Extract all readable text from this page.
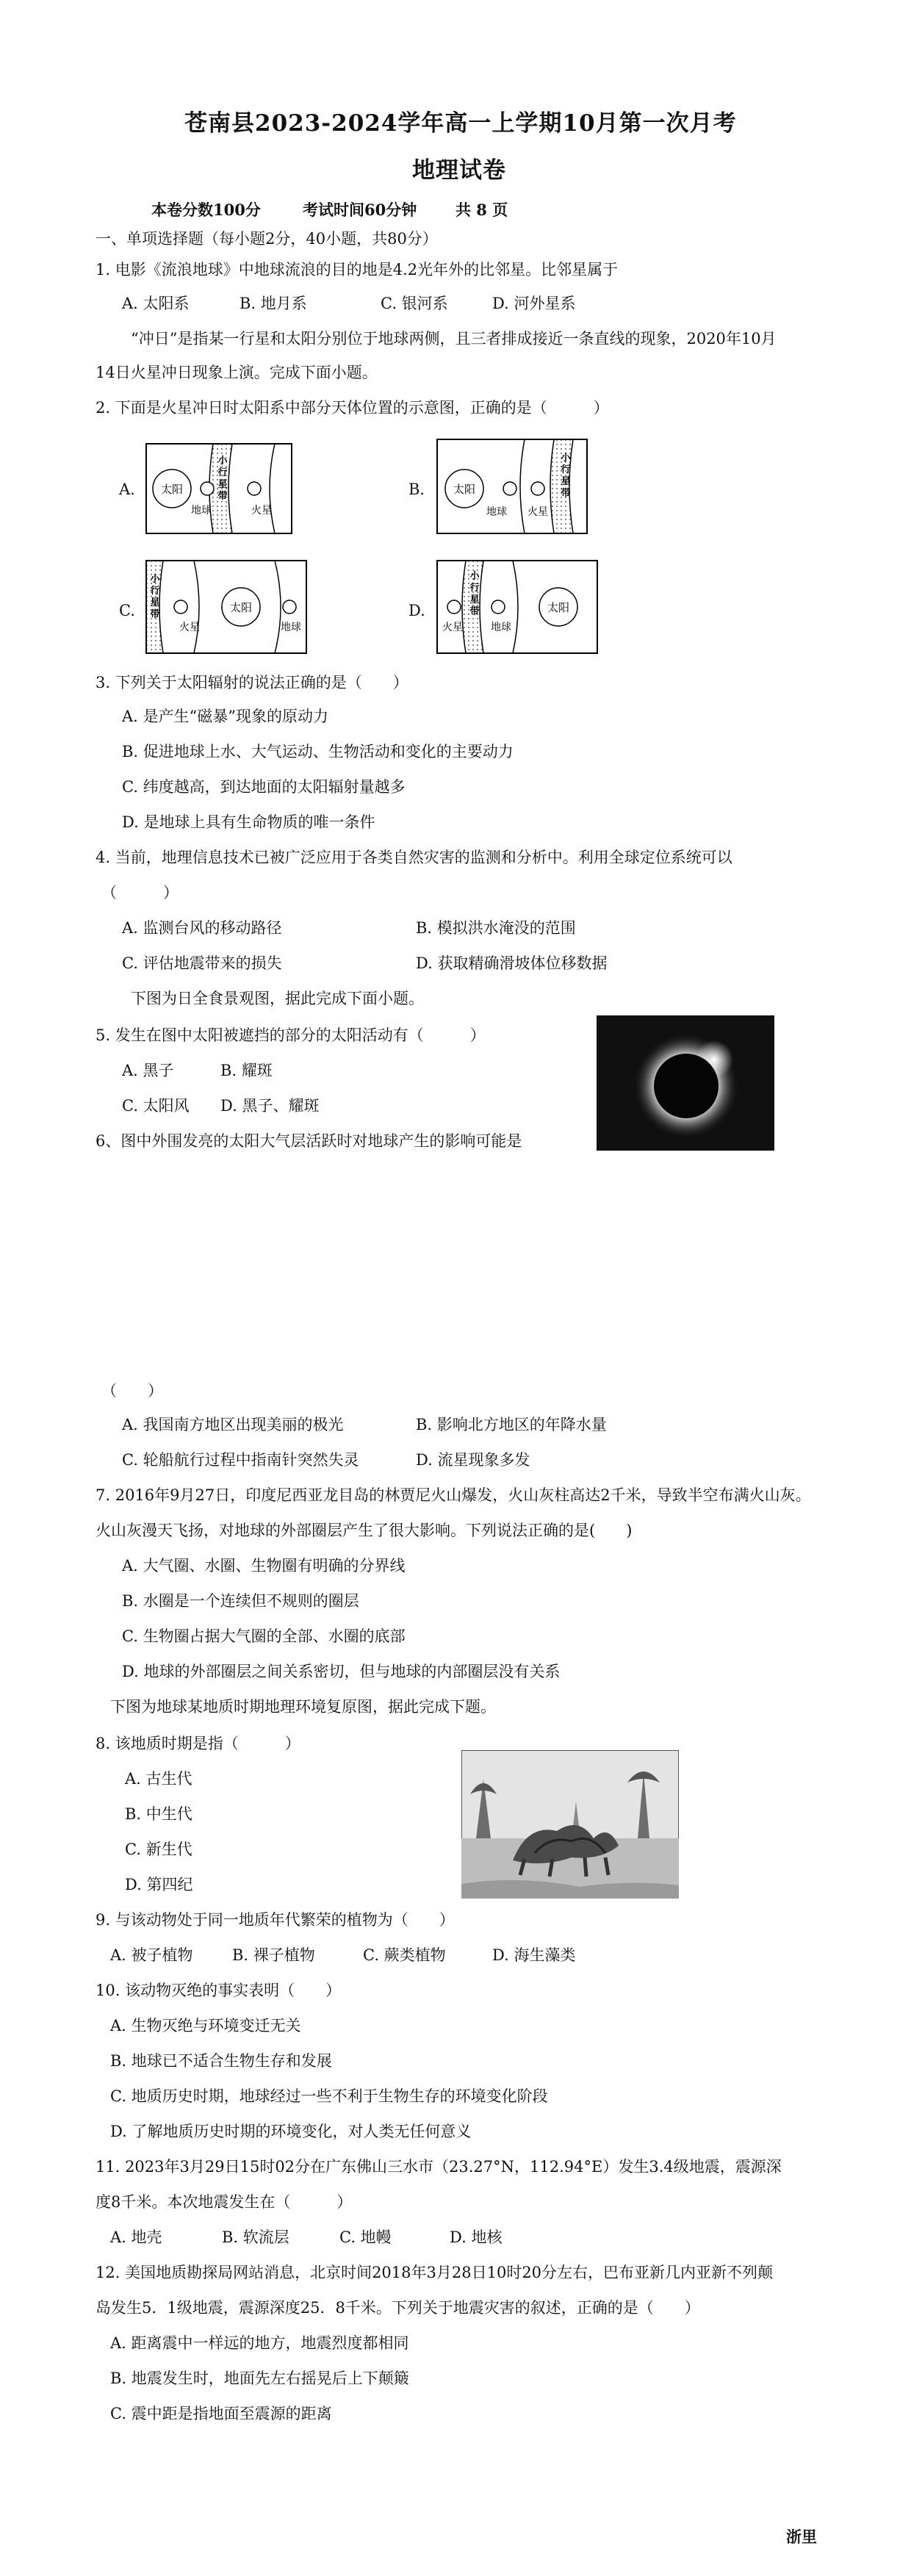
苍南县2023-2024学年高一上学期10月第一次月考
地理试卷
本卷分数100分	考试时间60分钟	共 8 页
一、单项选择题（每小题2分，40小题，共80分）
1. 电影《流浪地球》中地球流浪的目的地是4.2光年外的比邻星。比邻星属于
A. 太阳系	B. 地月系	C. 银河系	D. 河外星系
“冲日”是指某一行星和太阳分别位于地球两侧，且三者排成接近一条直线的现象，2020年10月
14日火星冲日现象上演。完成下面小题。
2. 下面是火星冲日时太阳系中部分天体位置的示意图，正确的是（　　　）
A. 太阳
地球	火星
小
行
星
带	B.	太阳
地球 火星
小
行
星
带
C.
小
行
星
带
火星
太阳
地球
D.
小
行
星
带
火星	地球
太阳
3. 下列关于太阳辐射的说法正确的是（　　）
A. 是产生“磁暴”现象的原动力
B. 促进地球上水、大气运动、生物活动和变化的主要动力
C. 纬度越高，到达地面的太阳辐射量越多
D. 是地球上具有生命物质的唯一条件
4. 当前，地理信息技术已被广泛应用于各类自然灾害的监测和分析中。利用全球定位系统可以
（　　　）
A. 监测台风的移动路径	B. 模拟洪水淹没的范围
C. 评估地震带来的损失	D. 获取精确滑坡体位移数据
下图为日全食景观图，据此完成下面小题。
5. 发生在图中太阳被遮挡的部分的太阳活动有（　　　）
A. 黑子	B. 耀斑
C. 太阳风 D. 黑子、耀斑
6、图中外围发亮的太阳大气层活跃时对地球产生的影响可能是
（　　）
A. 我国南方地区出现美丽的极光	B. 影响北方地区的年降水量
C. 轮船航行过程中指南针突然失灵	D. 流星现象多发
7. 2016年9月27日，印度尼西亚龙目岛的林贾尼火山爆发，火山灰柱高达2千米，导致半空布满火山灰。
火山灰漫天飞扬，对地球的外部圈层产生了很大影响。下列说法正确的是(　　)
A. 大气圈、水圈、生物圈有明确的分界线
B. 水圈是一个连续但不规则的圈层
C. 生物圈占据大气圈的全部、水圈的底部
D. 地球的外部圈层之间关系密切，但与地球的内部圈层没有关系
下图为地球某地质时期地理环境复原图，据此完成下题。
8. 该地质时期是指（　　　）
A. 古生代
B. 中生代
C. 新生代
D. 第四纪
9. 与该动物处于同一地质年代繁荣的植物为（　　）
A. 被子植物	B. 裸子植物	C. 蕨类植物	D. 海生藻类
10. 该动物灭绝的事实表明（　　）
A. 生物灭绝与环境变迁无关
B. 地球已不适合生物生存和发展
C. 地质历史时期，地球经过一些不利于生物生存的环境变化阶段
D. 了解地质历史时期的环境变化，对人类无任何意义
11. 2023年3月29日15时02分在广东佛山三水市（23.27°N，112.94°E）发生3.4级地震，震源深
度8千米。本次地震发生在（　　　）
A. 地壳	B. 软流层	C. 地幔	D. 地核
12. 美国地质勘探局网站消息，北京时间2018年3月28日10时20分左右，巴布亚新几内亚新不列颠
岛发生5．1级地震，震源深度25．8千米。下列关于地震灾害的叙述，正确的是（　　）
A. 距离震中一样远的地方，地震烈度都相同
B. 地震发生时，地面先左右摇晃后上下颠簸
C. 震中距是指地面至震源的距离
浙里
